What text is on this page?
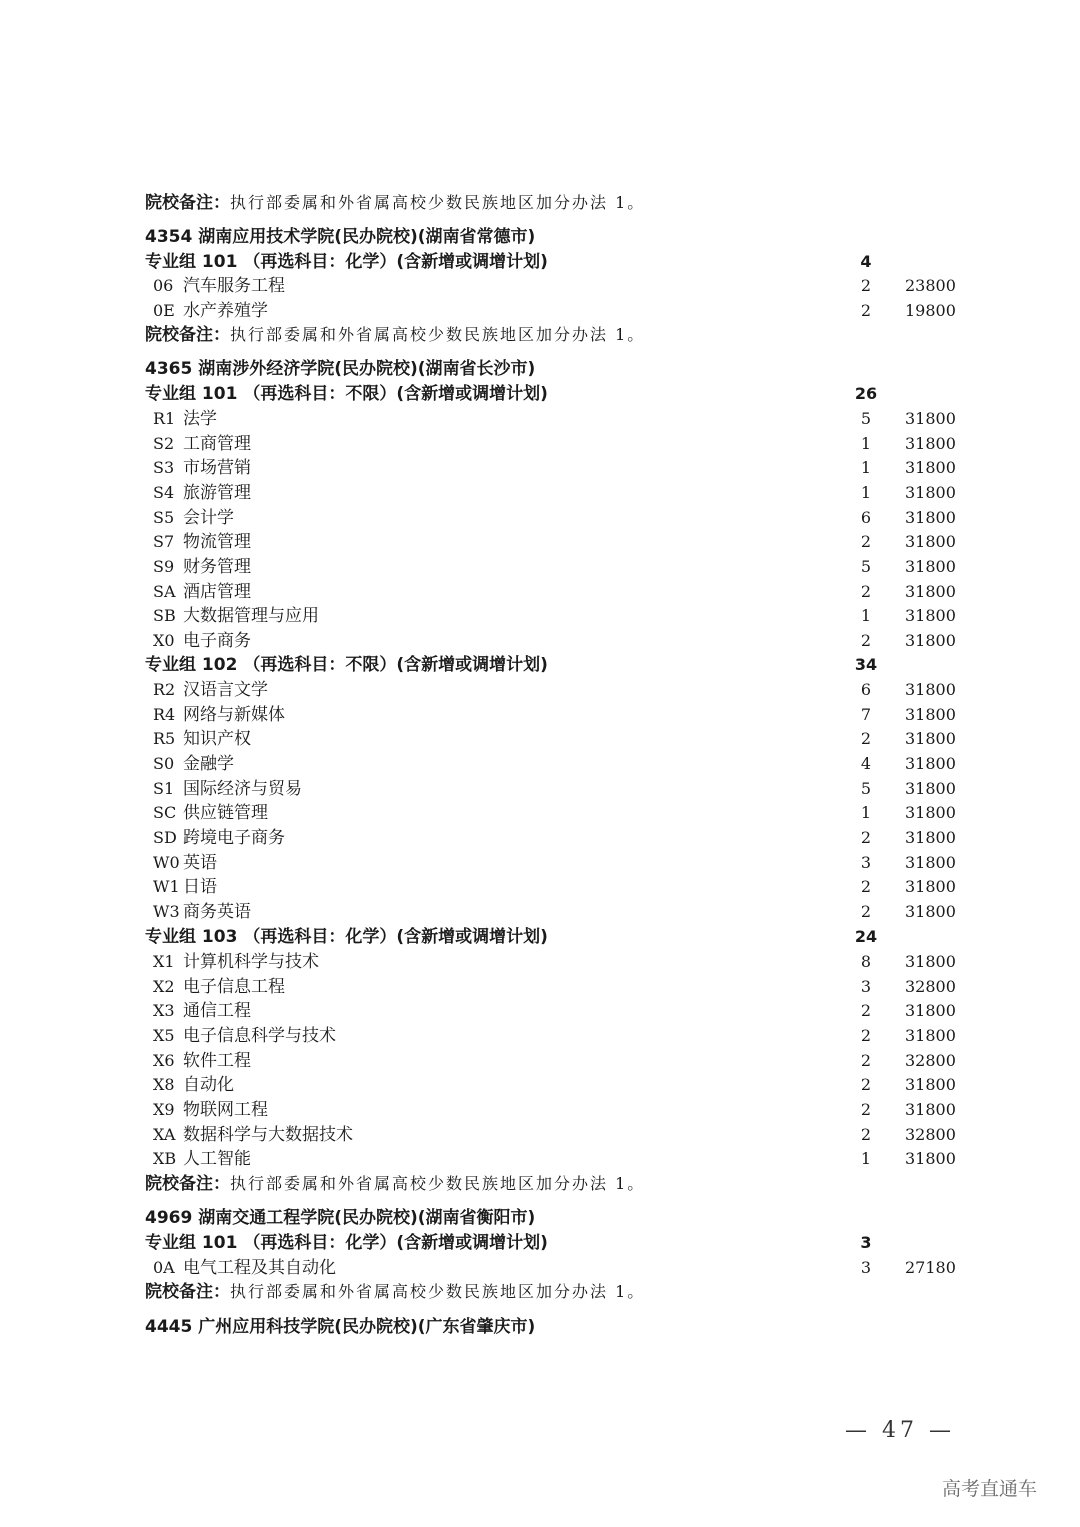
院校备注：执行部委属和外省属高校少数民族地区加分办法 1。
4354 湖南应用技术学院(民办院校)(湖南省常德市)
专业组 101 （再选科目：化学）(含新增或调增计划)	4
06 汽车服务工程	2 23800
0E 水产养殖学	2 19800
院校备注：执行部委属和外省属高校少数民族地区加分办法 1。
4365 湖南涉外经济学院(民办院校)(湖南省长沙市)
专业组 101 （再选科目：不限）(含新增或调增计划)	26
R1 法学	5 31800
S2 工商管理	1 31800
S3 市场营销	1 31800
S4 旅游管理	1 31800
S5 会计学	6 31800
S7 物流管理	2 31800
S9 财务管理	5 31800
SA 酒店管理	2 31800
SB 大数据管理与应用	1 31800
X0 电子商务	2 31800
专业组 102 （再选科目：不限）(含新增或调增计划)	34
R2 汉语言文学	6 31800
R4 网络与新媒体	7 31800
R5 知识产权	2 31800
S0 金融学	4 31800
S1 国际经济与贸易	5 31800
SC 供应链管理	1 31800
SD 跨境电子商务	2 31800
W0 英语	3 31800
W1 日语	2 31800
W3 商务英语	2 31800
专业组 103 （再选科目：化学）(含新增或调增计划)	24
X1 计算机科学与技术	8 31800
X2 电子信息工程	3 32800
X3 通信工程	2 31800
X5 电子信息科学与技术	2 31800
X6 软件工程	2 32800
X8 自动化	2 31800
X9 物联网工程	2 31800
XA 数据科学与大数据技术	2 32800
XB 人工智能	1 31800
院校备注：执行部委属和外省属高校少数民族地区加分办法 1。
4969 湖南交通工程学院(民办院校)(湖南省衡阳市)
专业组 101 （再选科目：化学）(含新增或调增计划)	3
0A 电气工程及其自动化	3 27180
院校备注：执行部委属和外省属高校少数民族地区加分办法 1。
4445 广州应用科技学院(民办院校)(广东省肇庆市)
— 47 —
高考直通车
